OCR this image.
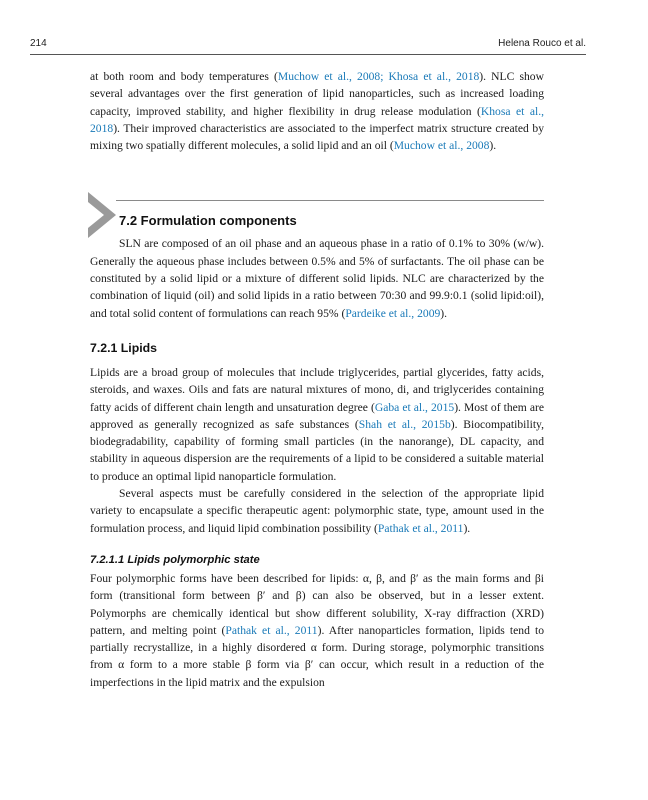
214	Helena Rouco et al.

at both room and body temperatures (Muchow et al., 2008; Khosa et al., 2018). NLC show several advantages over the first generation of lipid nanoparticles, such as increased loading capacity, improved stability, and higher flexibility in drug release modulation (Khosa et al., 2018). Their improved characteristics are associated to the imperfect matrix structure created by mixing two spatially different molecules, a solid lipid and an oil (Muchow et al., 2008).

7.2 Formulation components

SLN are composed of an oil phase and an aqueous phase in a ratio of 0.1% to 30% (w/w). Generally the aqueous phase includes between 0.5% and 5% of surfactants. The oil phase can be constituted by a solid lipid or a mixture of different solid lipids. NLC are characterized by the combination of liquid (oil) and solid lipids in a ratio between 70:30 and 99.9:0.1 (solid lipid:oil), and total solid content of formulations can reach 95% (Pardeike et al., 2009).

7.2.1 Lipids

Lipids are a broad group of molecules that include triglycerides, partial glycerides, fatty acids, steroids, and waxes. Oils and fats are natural mixtures of mono, di, and triglycerides containing fatty acids of different chain length and unsaturation degree (Gaba et al., 2015). Most of them are approved as generally recognized as safe substances (Shah et al., 2015b). Biocompatibility, biodegradability, capability of forming small particles (in the nanorange), DL capacity, and stability in aqueous dispersion are the requirements of a lipid to be considered a suitable material to produce an optimal lipid nanoparticle formulation.

Several aspects must be carefully considered in the selection of the appropriate lipid variety to encapsulate a specific therapeutic agent: polymorphic state, type, amount used in the formulation process, and liquid lipid combination possibility (Pathak et al., 2011).

7.2.1.1 Lipids polymorphic state

Four polymorphic forms have been described for lipids: α, β, and β′ as the main forms and βi form (transitional form between β′ and β) can also be observed, but in a lesser extent. Polymorphs are chemically identical but show different solubility, X-ray diffraction (XRD) pattern, and melting point (Pathak et al., 2011). After nanoparticles formation, lipids tend to partially recrystallize, in a highly disordered α form. During storage, polymorphic transitions from α form to a more stable β form via β′ can occur, which result in a reduction of the imperfections in the lipid matrix and the expulsion
